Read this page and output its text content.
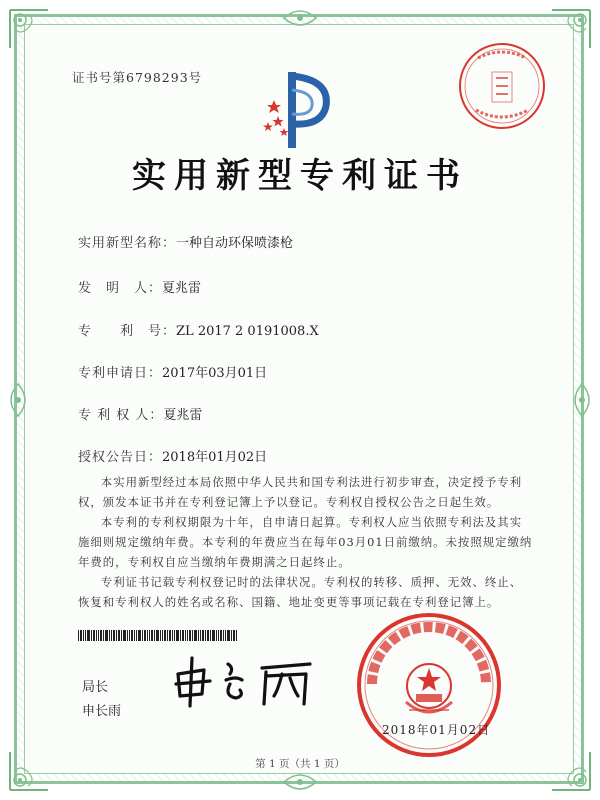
证书号第6798293号
实用新型专利证书
实用新型名称：一种自动环保喷漆枪
发　明　人：夏兆雷
专　　利　号：ZL 2017 2 0191008.X
专利申请日：2017年03月01日
专 利 权 人：夏兆雷
授权公告日：2018年01月02日

本实用新型经过本局依照中华人民共和国专利法进行初步审查，决定授予专利权，颁发本证书并在专利登记簿上予以登记。专利权自授权公告之日起生效。

本专利的专利权期限为十年，自申请日起算。专利权人应当依照专利法及其实施细则规定缴纳年费。本专利的年费应当在每年03月01日前缴纳。未按照规定缴纳年费的，专利权自应当缴纳年费期满之日起终止。

专利证书记载专利权登记时的法律状况。专利权的转移、质押、无效、终止、恢复和专利权人的姓名或名称、国籍、地址变更等事项记载在专利登记簿上。

局长
申长雨
2018年01月02日
第 1 页（共 1 页）
